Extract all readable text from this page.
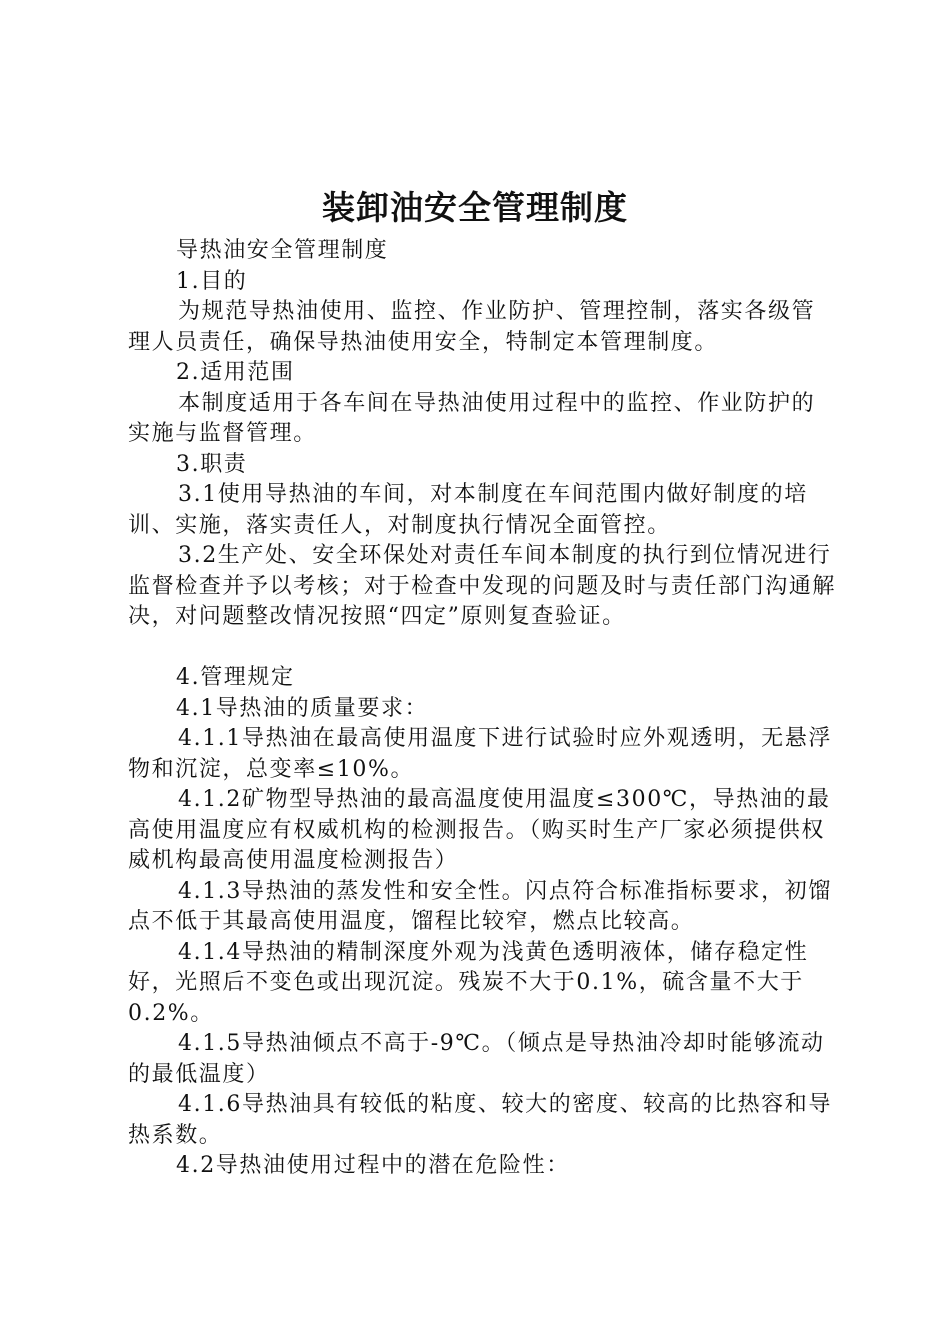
装卸油安全管理制度

导热油安全管理制度

1.目的

为规范导热油使用、监控、作业防护、管理控制，落实各级管理人员责任，确保导热油使用安全，特制定本管理制度。

2.适用范围

本制度适用于各车间在导热油使用过程中的监控、作业防护的实施与监督管理。

3.职责

3.1使用导热油的车间，对本制度在车间范围内做好制度的培训、实施，落实责任人，对制度执行情况全面管控。

3.2生产处、安全环保处对责任车间本制度的执行到位情况进行监督检查并予以考核；对于检查中发现的问题及时与责任部门沟通解决，对问题整改情况按照“四定”原则复查验证。

4.管理规定

4.1导热油的质量要求：

4.1.1导热油在最高使用温度下进行试验时应外观透明，无悬浮物和沉淀，总变率≤10%。

4.1.2矿物型导热油的最高温度使用温度≤300℃，导热油的最高使用温度应有权威机构的检测报告。（购买时生产厂家必须提供权威机构最高使用温度检测报告）

4.1.3导热油的蒸发性和安全性。闪点符合标准指标要求，初馏点不低于其最高使用温度，馏程比较窄，燃点比较高。

4.1.4导热油的精制深度外观为浅黄色透明液体，储存稳定性好，光照后不变色或出现沉淀。残炭不大于0.1%，硫含量不大于0.2%。

4.1.5导热油倾点不高于-9℃。（倾点是导热油冷却时能够流动的最低温度）

4.1.6导热油具有较低的粘度、较大的密度、较高的比热容和导热系数。

4.2导热油使用过程中的潜在危险性：
